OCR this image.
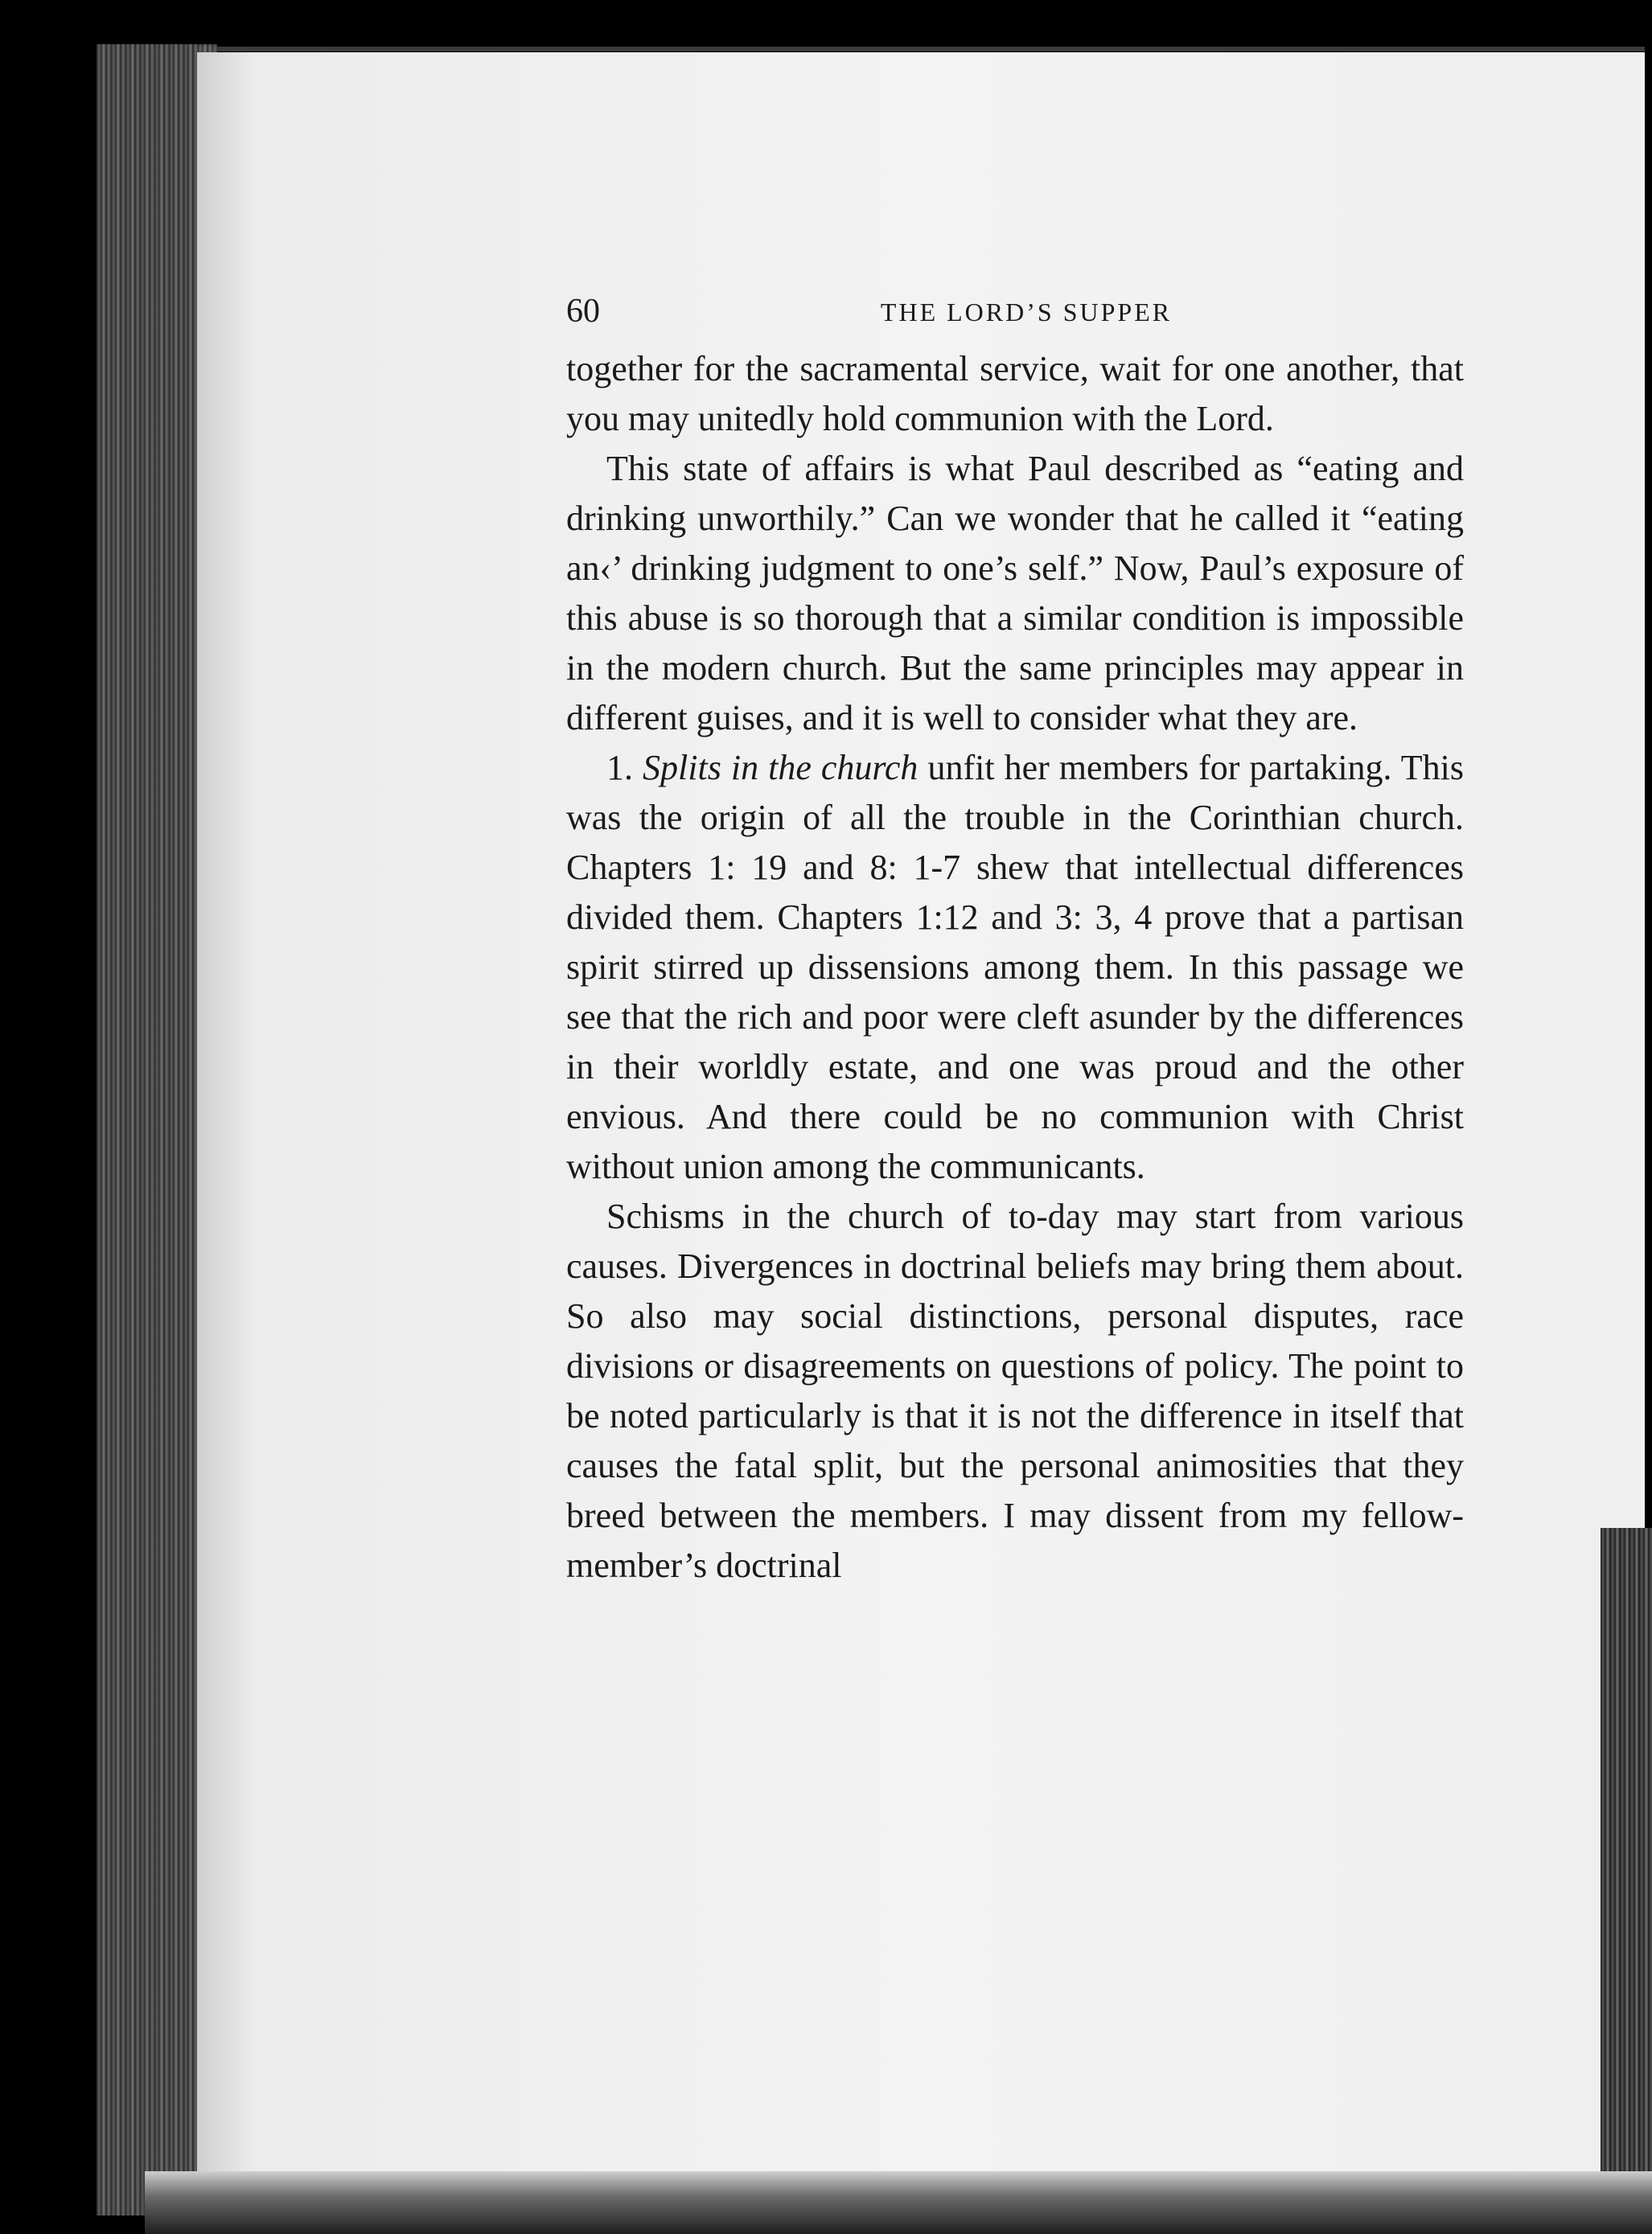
60	THE LORD’S SUPPER

together for the sacramental service, wait for one another, that you may unitedly hold communion with the Lord.

This state of affairs is what Paul described as “eating and drinking unworthily.” Can we wonder that he called it “eating an‹’ drinking judgment to one’s self.” Now, Paul’s exposure of this abuse is so thorough that a similar condition is impossible in the modern church. But the same principles may appear in different guises, and it is well to consider what they are.

1. Splits in the church unfit her members for partaking. This was the origin of all the trouble in the Corinthian church. Chapters 1: 19 and 8: 1-7 shew that intellectual differences divided them. Chapters 1:12 and 3: 3, 4 prove that a partisan spirit stirred up dissensions among them. In this passage we see that the rich and poor were cleft asunder by the differences in their worldly estate, and one was proud and the other envious. And there could be no communion with Christ without union among the communicants.

Schisms in the church of to-day may start from various causes. Divergences in doctrinal beliefs may bring them about. So also may social distinctions, personal disputes, race divisions or disagreements on questions of policy. The point to be noted particularly is that it is not the difference in itself that causes the fatal split, but the personal animosities that they breed between the members. I may dissent from my fellow-member’s doctrinal
